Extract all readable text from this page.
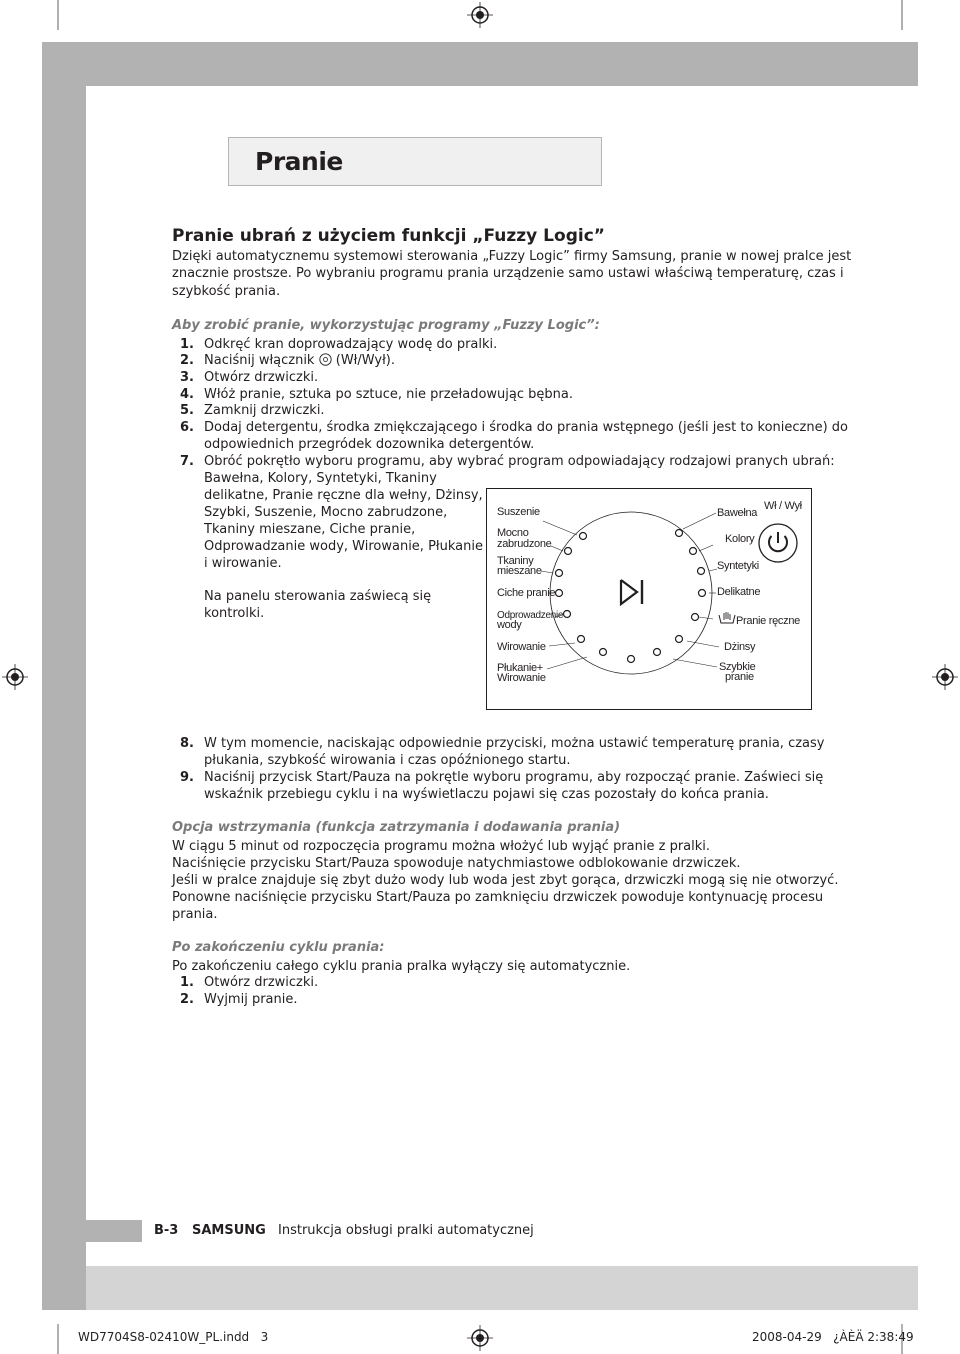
Pranie
Pranie ubrań z użyciem funkcji „Fuzzy Logic”
Dzięki automatycznemu systemowi sterowania „Fuzzy Logic” firmy Samsung, pranie w nowej pralce jest
znacznie prostsze. Po wybraniu programu prania urządzenie samo ustawi właściwą temperaturę, czas i
szybkość prania.
Aby zrobić pranie, wykorzystując programy „Fuzzy Logic”:
1. Odkręć kran doprowadzający wodę do pralki.
2. Naciśnij włącznik (Wł/Wył).
3. Otwórz drzwiczki.
4. Włóż pranie, sztuka po sztuce, nie przeładowując bębna.
5. Zamknij drzwiczki.
6. Dodaj detergentu, środka zmiękczającego i środka do prania wstępnego (jeśli jest to konieczne) do
odpowiednich przegródek dozownika detergentów.
7. Obróć pokrętło wyboru programu, aby wybrać program odpowiadający rodzajowi pranych ubrań:
Bawełna, Kolory, Syntetyki, Tkaniny
delikatne, Pranie ręczne dla wełny, Dżinsy,
Szybki, Suszenie, Mocno zabrudzone,
Tkaniny mieszane, Ciche pranie,
Odprowadzanie wody, Wirowanie, Płukanie
i wirowanie.
Na panelu sterowania zaświecą się
kontrolki.
Wł / Wył
Suszenie
Mocno
zabrudzone
Tkaniny
mieszane
Ciche pranie
Odprowadzenie
wody
Wirowanie
Płukanie+
Wirowanie
Bawełna
Kolory
Syntetyki
Delikatne
Pranie ręczne
Dżinsy
Szybkie
pranie
8. W tym momencie, naciskając odpowiednie przyciski, można ustawić temperaturę prania, czasy
płukania, szybkość wirowania i czas opóźnionego startu.
9. Naciśnij przycisk Start/Pauza na pokrętle wyboru programu, aby rozpocząć pranie. Zaświeci się
wskaźnik przebiegu cyklu i na wyświetlaczu pojawi się czas pozostały do końca prania.
Opcja wstrzymania (funkcja zatrzymania i dodawania prania)
W ciągu 5 minut od rozpoczęcia programu można włożyć lub wyjąć pranie z pralki.
Naciśnięcie przycisku Start/Pauza spowoduje natychmiastowe odblokowanie drzwiczek.
Jeśli w pralce znajduje się zbyt dużo wody lub woda jest zbyt gorąca, drzwiczki mogą się nie otworzyć.
Ponowne naciśnięcie przycisku Start/Pauza po zamknięciu drzwiczek powoduje kontynuację procesu
prania.
Po zakończeniu cyklu prania:
Po zakończeniu całego cyklu prania pralka wyłączy się automatycznie.
1. Otwórz drzwiczki.
2. Wyjmij pranie.
B-3 SAMSUNG Instrukcja obsługi pralki automatycznej
WD7704S8-02410W_PL.indd   3	2008-04-29   ¿ÀÈÄ 2:38:49
